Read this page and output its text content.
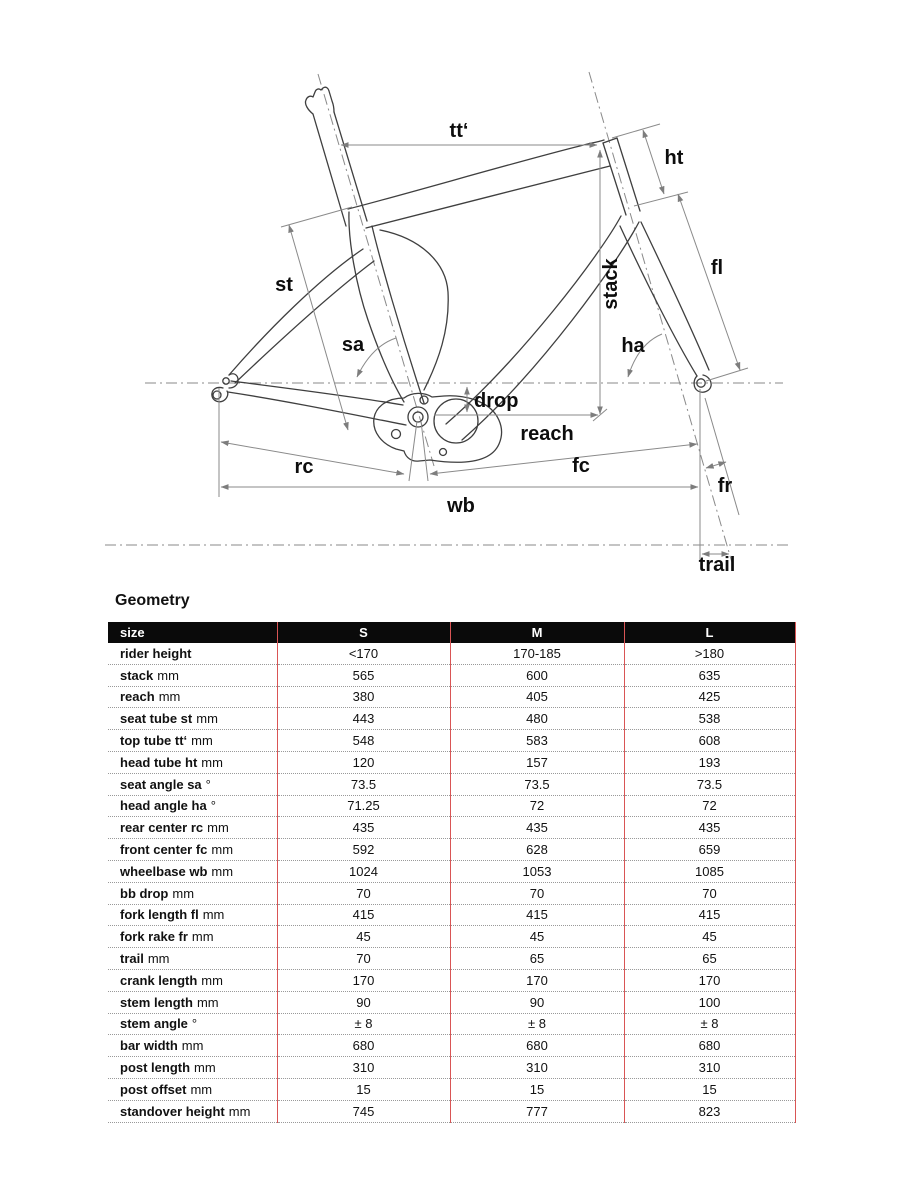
tt‘
ht
st	stack	fl
sa	ha
drop
reach
rc	fc
wb
fr
trail
Geometry
size	S	M	L
rider height	<170	170-185	>180
stack mm	565	600	635
reach mm	380	405	425
seat tube st mm	443	480	538
top tube tt‘ mm	548	583	608
head tube ht mm	120	157	193
seat angle sa °	73.5	73.5	73.5
head angle ha °	71.25	72	72
rear center rc mm	435	435	435
front center fc mm	592	628	659
wheelbase wb mm	1024	1053	1085
bb drop mm	70	70	70
fork length fl mm	415	415	415
fork rake fr mm	45	45	45
trail mm	70	65	65
crank length mm	170	170	170
stem length mm	90	90	100
stem angle °	± 8	± 8	± 8
bar width mm	680	680	680
post length mm	310	310	310
post offset mm	15	15	15
standover height mm	745	777	823
